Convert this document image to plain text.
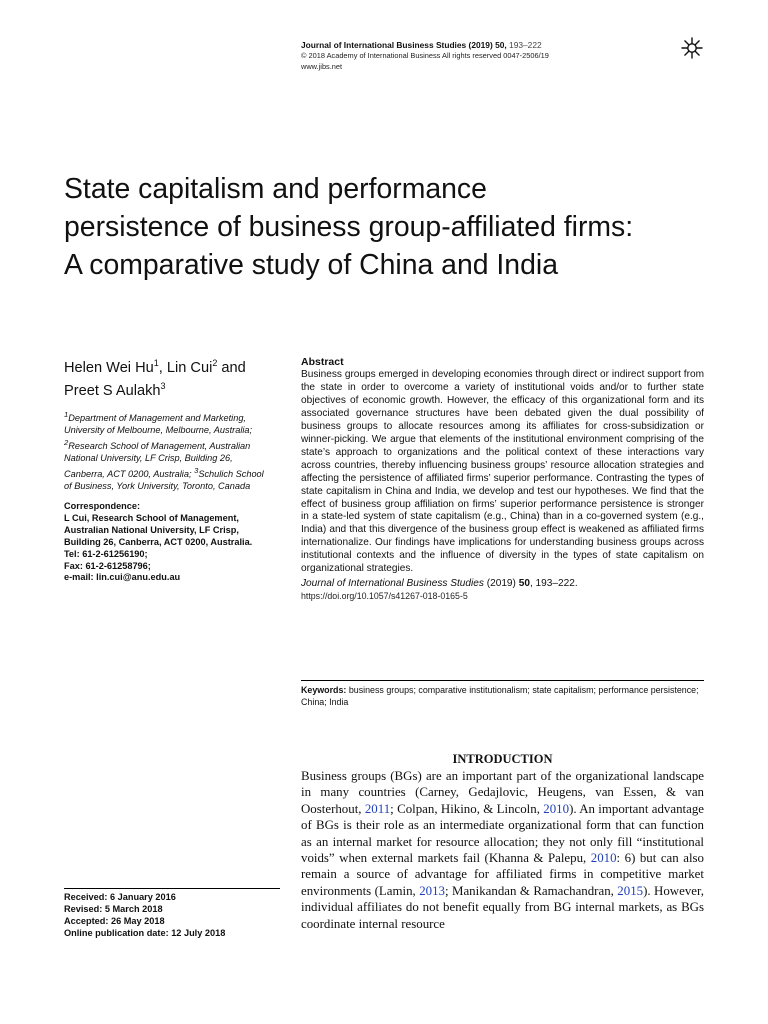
Journal of International Business Studies (2019) 50, 193–222
© 2018 Academy of International Business All rights reserved 0047-2506/19
www.jibs.net
State capitalism and performance
persistence of business group-affiliated firms:
A comparative study of China and India
Helen Wei Hu$^1$, Lin Cui$^2$ and
Preet S Aulakh$^3$
$^1$Department of Management and Marketing,
University of Melbourne, Melbourne, Australia;
$^2$Research School of Management, Australian
National University, LF Crisp, Building 26,
Canberra, ACT 0200, Australia; $^3$Schulich School
of Business, York University, Toronto, Canada
Correspondence:
L Cui, Research School of Management,
Australian National University, LF Crisp,
Building 26, Canberra, ACT 0200, Australia.
Tel: 61-2-61256190;
Fax: 61-2-61258796;
e-mail: lin.cui@anu.edu.au
Abstract

Business groups emerged in developing economies through direct or indirect support from the state in order to overcome a variety of institutional voids and/or to further state objectives of economic growth. However, the efficacy of this organizational form and its associated governance structures have been debated given the dual possibility of business groups to allocate resources among its affiliates for cross-subsidization or winner-picking. We argue that elements of the institutional environment comprising of the state’s approach to organizations and the political context of these interactions vary across countries, thereby influencing business groups’ resource allocation strategies and affecting the persistence of affiliated firms’ superior performance. Contrasting the types of state capitalism in China and India, we develop and test our hypotheses. We find that the effect of business group affiliation on firms’ superior performance persistence is stronger in a state-led system of state capitalism (e.g., China) than in a co-governed system (e.g., India) and that this divergence of the business group effect is weakened as affiliated firms internationalize. Our findings have implications for understanding business groups across institutional contexts and the influence of diversity in the types of state capitalism on organizational strategies.

Journal of International Business Studies (2019) 50, 193–222.
https://doi.org/10.1057/s41267-018-0165-5
Keywords: business groups; comparative institutionalism; state capitalism; performance persistence; China; India
INTRODUCTION
Business groups (BGs) are an important part of the organizational landscape in many countries (Carney, Gedajlovic, Heugens, van Essen, & van Oosterhout, 2011; Colpan, Hikino, & Lincoln, 2010). An important advantage of BGs is their role as an intermediate organizational form that can function as an internal market for resource allocation; they not only fill “institutional voids” when external markets fail (Khanna & Palepu, 2010: 6) but can also remain a source of advantage for affiliated firms in competitive market environments (Lamin, 2013; Manikandan & Ramachandran, 2015). However, individual affiliates do not benefit equally from BG internal markets, as BGs coordinate internal resource
Received: 6 January 2016
Revised: 5 March 2018
Accepted: 26 May 2018
Online publication date: 12 July 2018
